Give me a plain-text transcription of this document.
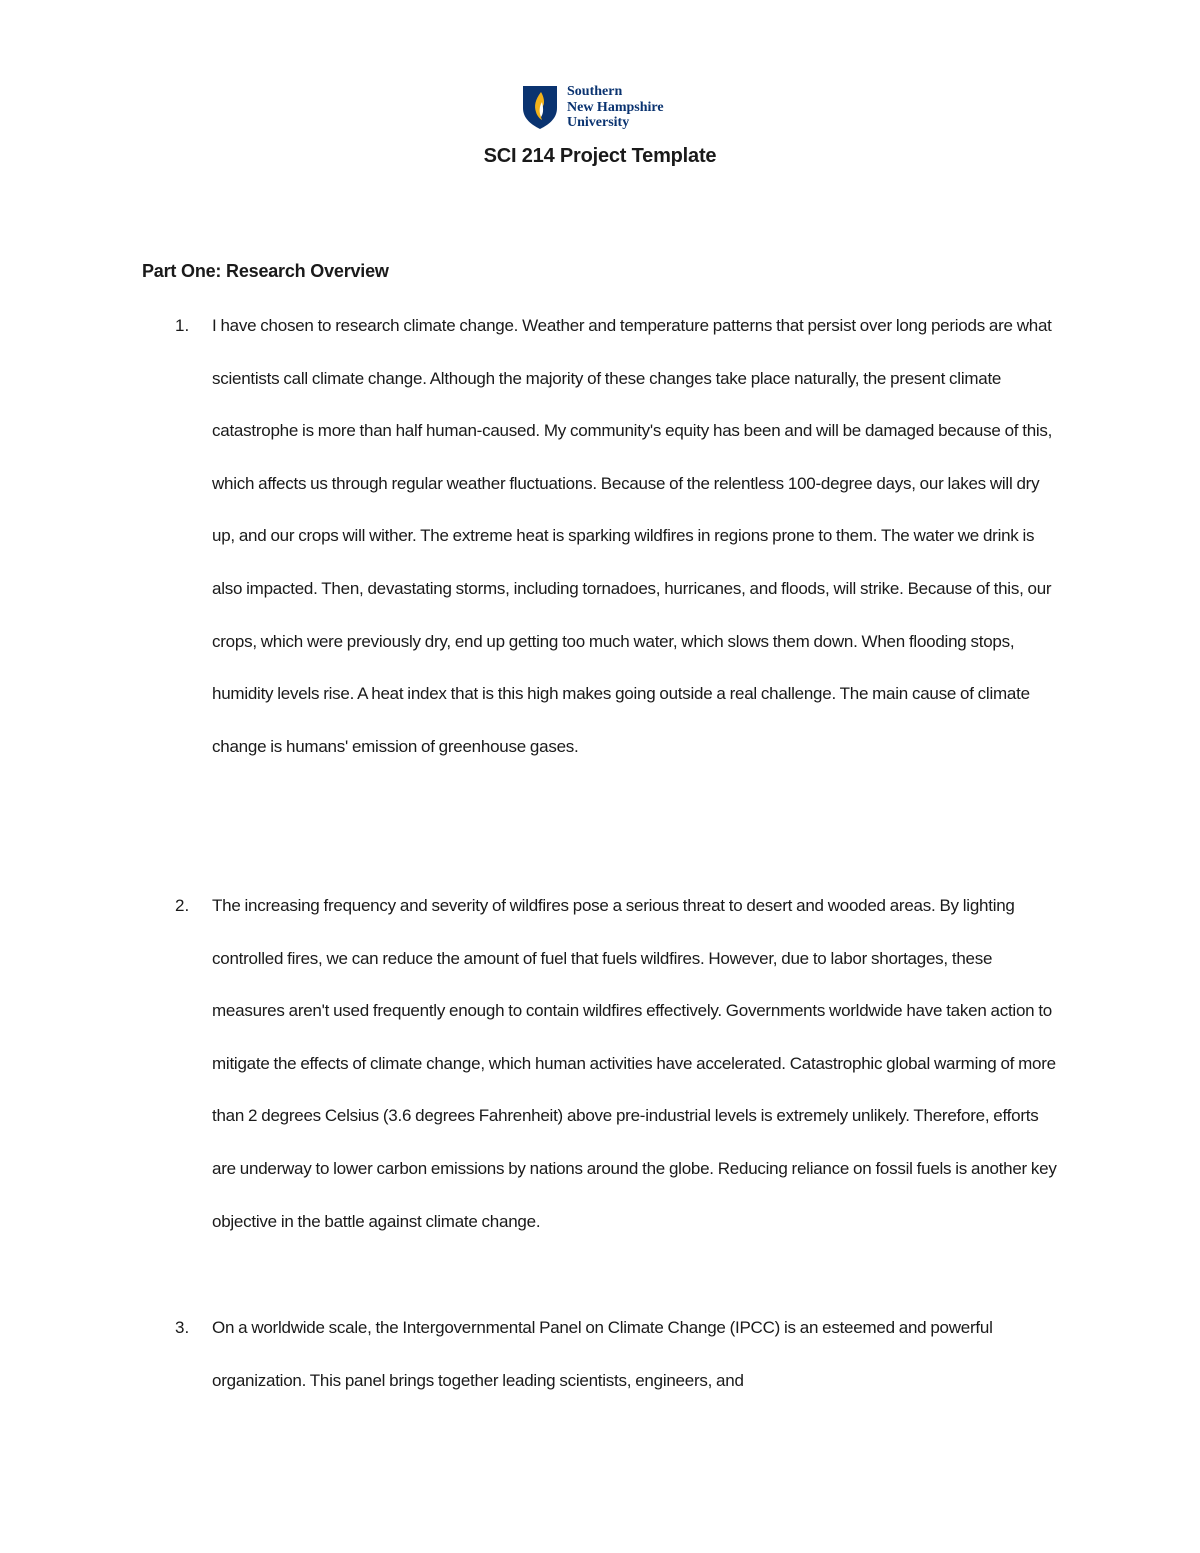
Southern
New Hampshire
University
SCI 214 Project Template
Part One: Research Overview
1. I have chosen to research climate change. Weather and temperature patterns that persist over long periods are what scientists call climate change. Although the majority of these changes take place naturally, the present climate catastrophe is more than half human-caused. My community's equity has been and will be damaged because of this, which affects us through regular weather fluctuations. Because of the relentless 100-degree days, our lakes will dry up, and our crops will wither. The extreme heat is sparking wildfires in regions prone to them. The water we drink is also impacted. Then, devastating storms, including tornadoes, hurricanes, and floods, will strike. Because of this, our crops, which were previously dry, end up getting too much water, which slows them down. When flooding stops, humidity levels rise. A heat index that is this high makes going outside a real challenge. The main cause of climate change is humans' emission of greenhouse gases.

2. The increasing frequency and severity of wildfires pose a serious threat to desert and wooded areas. By lighting controlled fires, we can reduce the amount of fuel that fuels wildfires. However, due to labor shortages, these measures aren't used frequently enough to contain wildfires effectively. Governments worldwide have taken action to mitigate the effects of climate change, which human activities have accelerated. Catastrophic global warming of more than 2 degrees Celsius (3.6 degrees Fahrenheit) above pre-industrial levels is extremely unlikely. Therefore, efforts are underway to lower carbon emissions by nations around the globe. Reducing reliance on fossil fuels is another key objective in the battle against climate change.

3. On a worldwide scale, the Intergovernmental Panel on Climate Change (IPCC) is an esteemed and powerful organization. This panel brings together leading scientists, engineers, and
